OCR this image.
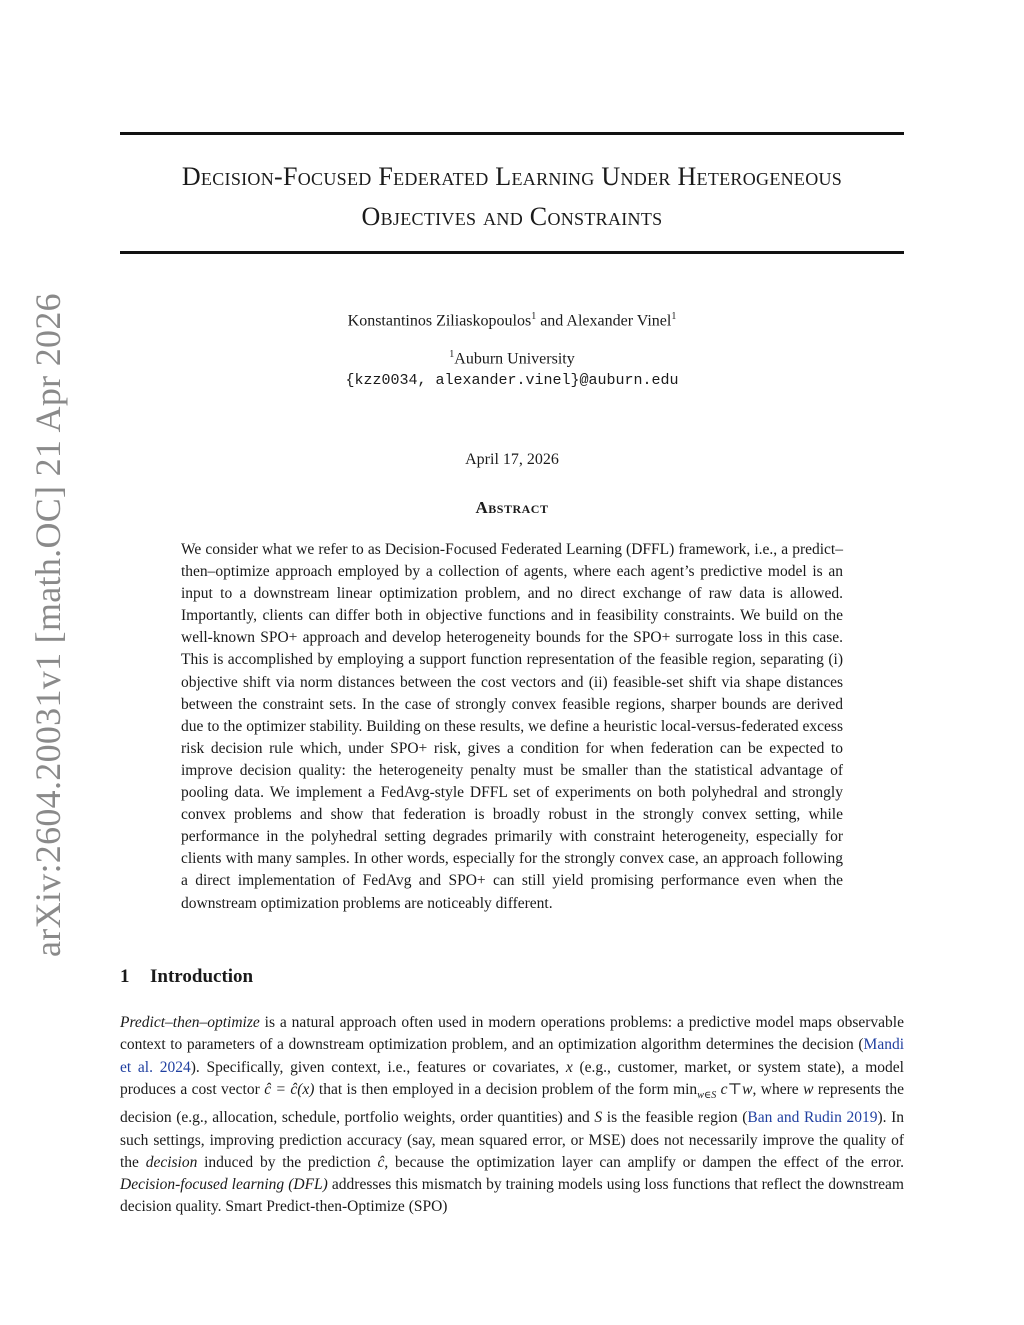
arXiv:2604.20031v1 [math.OC] 21 Apr 2026
Decision-Focused Federated Learning Under Heterogeneous
Objectives and Constraints
Konstantinos Ziliaskopoulos$^1$ and Alexander Vinel$^1$
$^1$Auburn University
{kzz0034, alexander.vinel}@auburn.edu
April 17, 2026
Abstract

We consider what we refer to as Decision-Focused Federated Learning (DFFL) framework, i.e., a predict–then–optimize approach employed by a collection of agents, where each agent’s predictive model is an input to a downstream linear optimization problem, and no direct exchange of raw data is allowed. Importantly, clients can differ both in objective functions and in feasibility constraints. We build on the well-known SPO+ approach and develop heterogeneity bounds for the SPO+ surrogate loss in this case. This is accomplished by employing a support function representation of the feasible region, separating (i) objective shift via norm distances between the cost vectors and (ii) feasible-set shift via shape distances between the constraint sets. In the case of strongly convex feasible regions, sharper bounds are derived due to the optimizer stability. Building on these results, we define a heuristic local-versus-federated excess risk decision rule which, under SPO+ risk, gives a condition for when federation can be expected to improve decision quality: the heterogeneity penalty must be smaller than the statistical advantage of pooling data. We implement a FedAvg-style DFFL set of experiments on both polyhedral and strongly convex problems and show that federation is broadly robust in the strongly convex setting, while performance in the polyhedral setting degrades primarily with constraint heterogeneity, especially for clients with many samples. In other words, especially for the strongly convex case, an approach following a direct implementation of FedAvg and SPO+ can still yield promising performance even when the downstream optimization problems are noticeably different.

1 Introduction

Predict–then–optimize is a natural approach often used in modern operations problems: a predictive model maps observable context to parameters of a downstream optimization problem, and an optimization algorithm determines the decision (Mandi et al. 2024). Specifically, given context, i.e., features or covariates, x (e.g., customer, market, or system state), a model produces a cost vector ĉ = ĉ(x) that is then employed in a decision problem of the form $\min_{w\in S}$ c⊤w, where w represents the decision (e.g., allocation, schedule, portfolio weights, order quantities) and S is the feasible region (Ban and Rudin 2019). In such settings, improving prediction accuracy (say, mean squared error, or MSE) does not necessarily improve the quality of the decision induced by the prediction ĉ, because the optimization layer can amplify or dampen the effect of the error. Decision-focused learning (DFL) addresses this mismatch by training models using loss functions that reflect the downstream decision quality. Smart Predict-then-Optimize (SPO)
